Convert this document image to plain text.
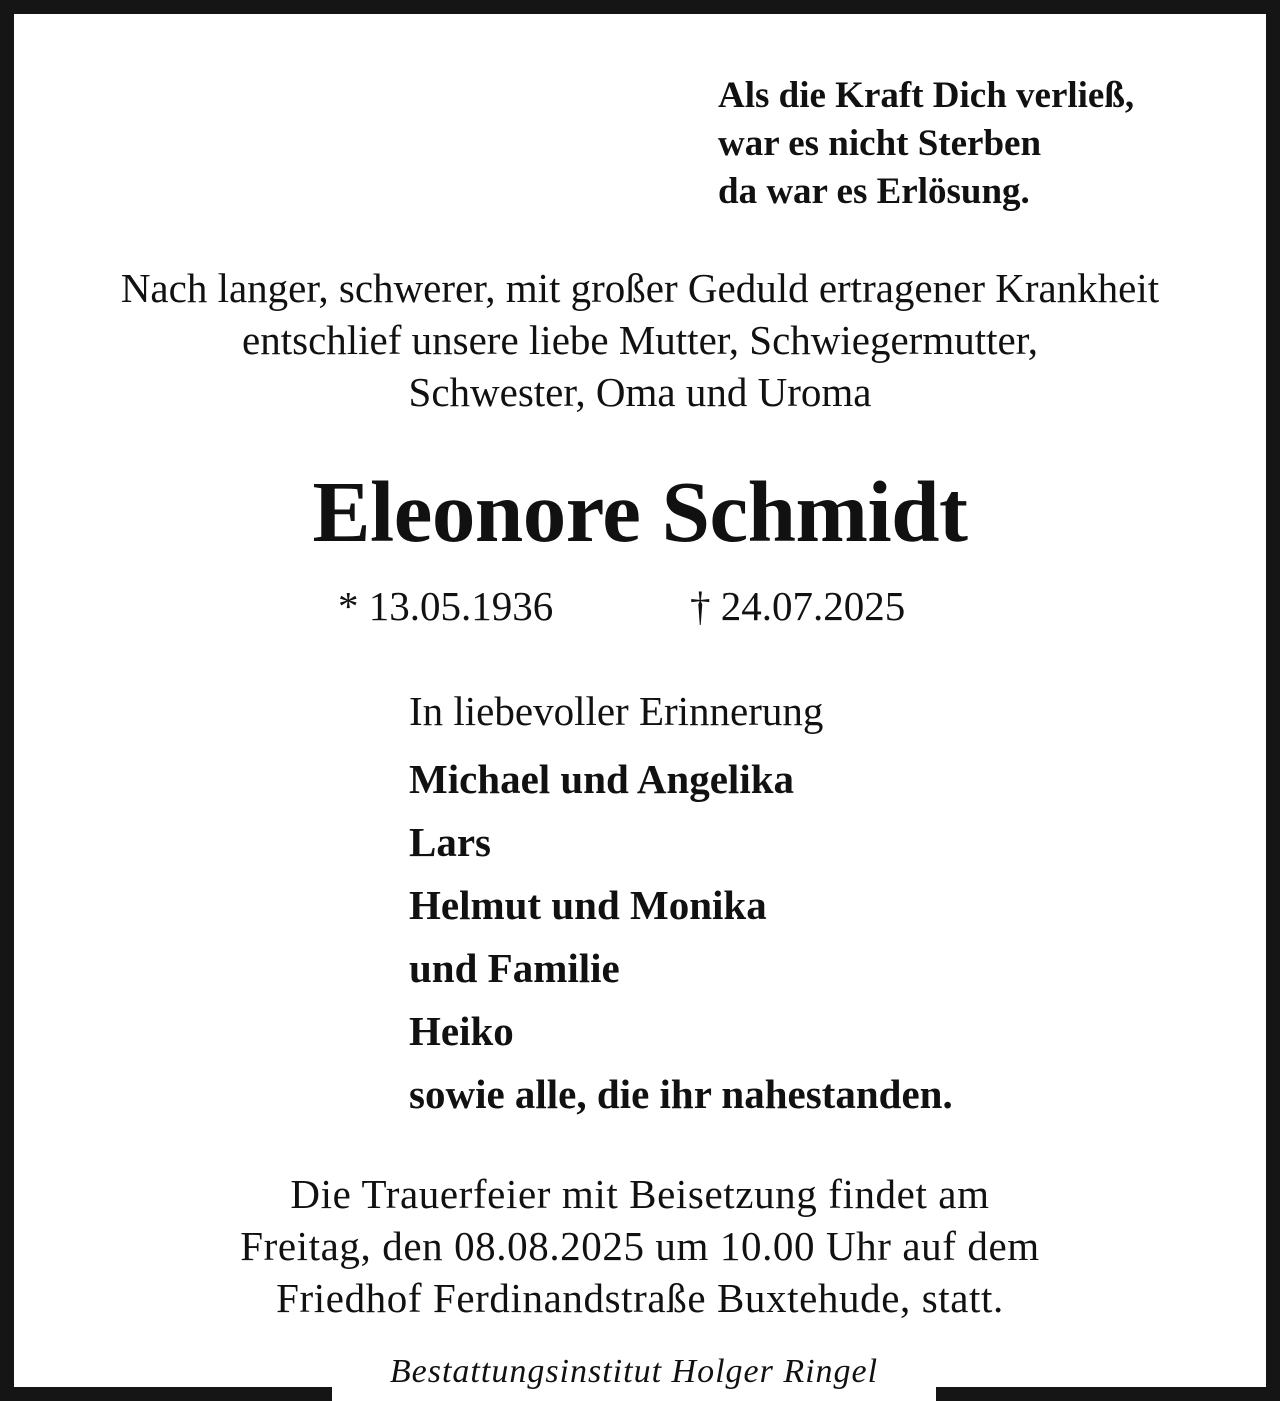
Als die Kraft Dich verließ,
war es nicht Sterben
da war es Erlösung.
Nach langer, schwerer, mit großer Geduld ertragener Krankheit
entschlief unsere liebe Mutter, Schwiegermutter,
Schwester, Oma und Uroma
Eleonore Schmidt
* 13.05.1936	† 24.07.2025
In liebevoller Erinnerung
Michael und Angelika
Lars
Helmut und Monika
und Familie
Heiko
sowie alle, die ihr nahestanden.
Die Trauerfeier mit Beisetzung findet am
Freitag, den 08.08.2025 um 10.00 Uhr auf dem
Friedhof Ferdinandstraße Buxtehude, statt.
Bestattungsinstitut Holger Ringel
